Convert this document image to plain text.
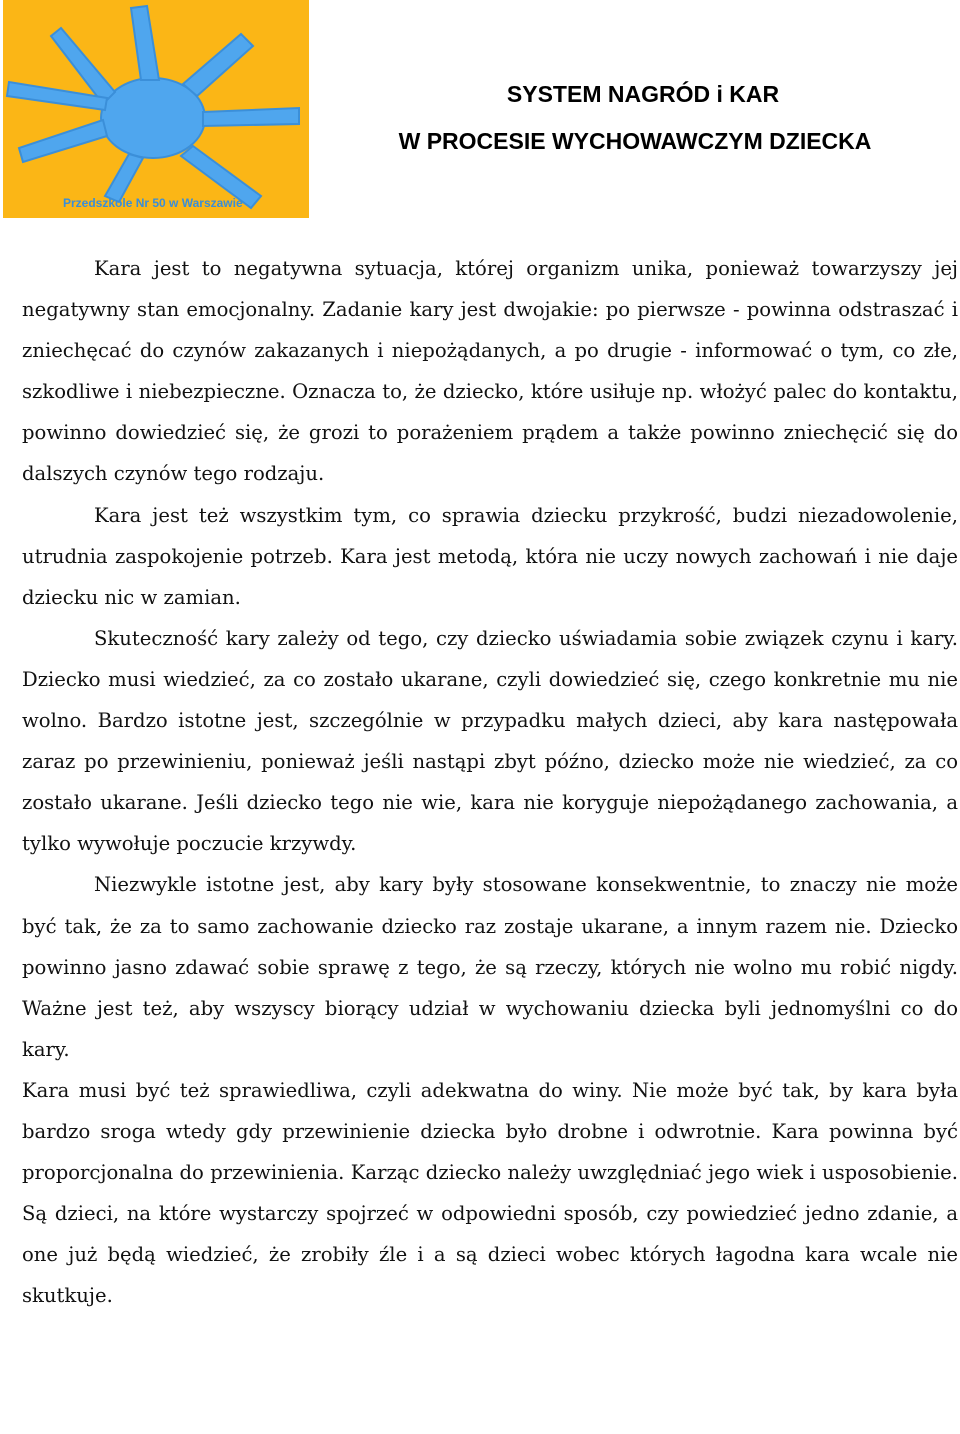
Przedszkole Nr 50 w Warszawie
SYSTEM NAGRÓD i KAR
W PROCESIE WYCHOWAWCZYM DZIECKA

Kara jest to negatywna sytuacja, której organizm unika, ponieważ towarzyszy jej negatywny stan emocjonalny. Zadanie kary jest dwojakie: po pierwsze - powinna odstraszać i zniechęcać do czynów zakazanych i niepożądanych, a po drugie - informować o tym, co złe, szkodliwe i niebezpieczne. Oznacza to, że dziecko, które usiłuje np. włożyć palec do kontaktu, powinno dowiedzieć się, że grozi to porażeniem prądem a także powinno zniechęcić się do dalszych czynów tego rodzaju.

Kara jest też wszystkim tym, co sprawia dziecku przykrość, budzi niezadowolenie, utrudnia zaspokojenie potrzeb. Kara jest metodą, która nie uczy nowych zachowań i nie daje dziecku nic w zamian.

Skuteczność kary zależy od tego, czy dziecko uświadamia sobie związek czynu i kary. Dziecko musi wiedzieć, za co zostało ukarane, czyli dowiedzieć się, czego konkretnie mu nie wolno. Bardzo istotne jest, szczególnie w przypadku małych dzieci, aby kara następowała zaraz po przewinieniu, ponieważ jeśli nastąpi zbyt późno, dziecko może nie wiedzieć, za co zostało ukarane. Jeśli dziecko tego nie wie, kara nie koryguje niepożądanego zachowania, a tylko wywołuje poczucie krzywdy.

Niezwykle istotne jest, aby kary były stosowane konsekwentnie, to znaczy nie może być tak, że za to samo zachowanie dziecko raz zostaje ukarane, a innym razem nie. Dziecko powinno jasno zdawać sobie sprawę z tego, że są rzeczy, których nie wolno mu robić nigdy. Ważne jest też, aby wszyscy biorący udział w wychowaniu dziecka byli jednomyślni co do kary.

Kara musi być też sprawiedliwa, czyli adekwatna do winy. Nie może być tak, by kara była bardzo sroga wtedy gdy przewinienie dziecka było drobne i odwrotnie. Kara powinna być proporcjonalna do przewinienia. Karząc dziecko należy uwzględniać jego wiek i usposobienie. Są dzieci, na które wystarczy spojrzeć w odpowiedni sposób, czy powiedzieć jedno zdanie, a one już będą wiedzieć, że zrobiły źle i a są dzieci wobec których łagodna kara wcale nie skutkuje.
